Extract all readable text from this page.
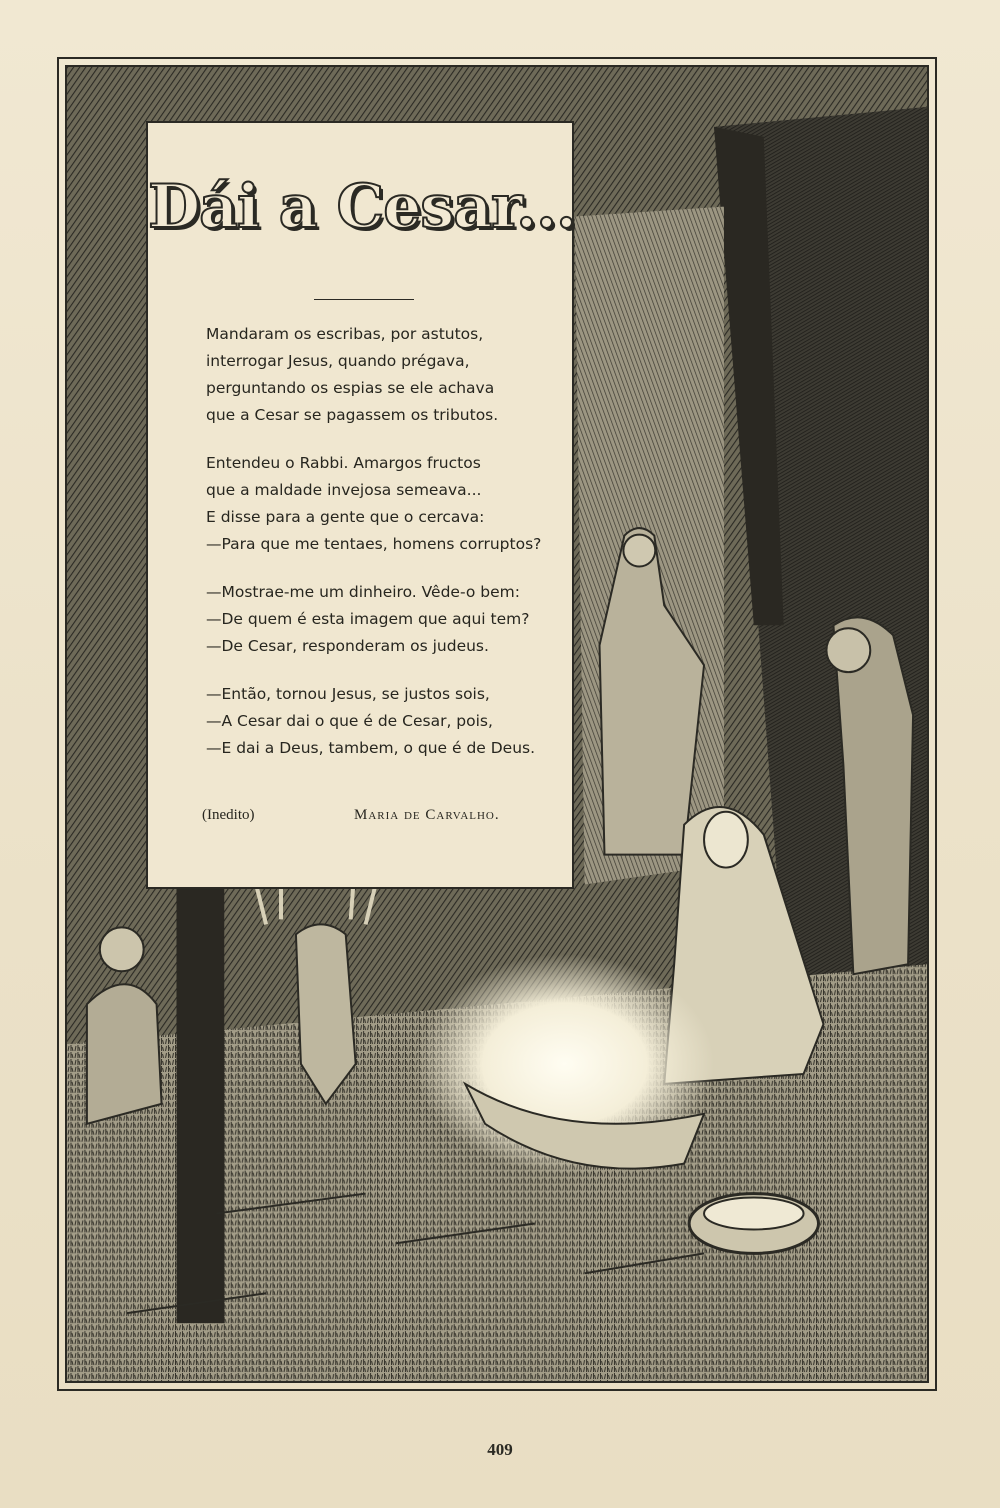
Dái a Cesar...
Mandaram os escribas, por astutos,
interrogar Jesus, quando prégava,
perguntando os espias se ele achava
que a Cesar se pagassem os tributos.
Entendeu o Rabbi. Amargos fructos
que a maldade invejosa semeava...
E disse para a gente que o cercava:
—Para que me tentaes, homens corruptos?
—Mostrae-me um dinheiro. Vêde-o bem:
—De quem é esta imagem que aqui tem?
—De Cesar, responderam os judeus.
—Então, tornou Jesus, se justos sois,
—A Cesar dai o que é de Cesar, pois,
—E dai a Deus, tambem, o que é de Deus.
(Inedito)	Maria de Carvalho.
409
